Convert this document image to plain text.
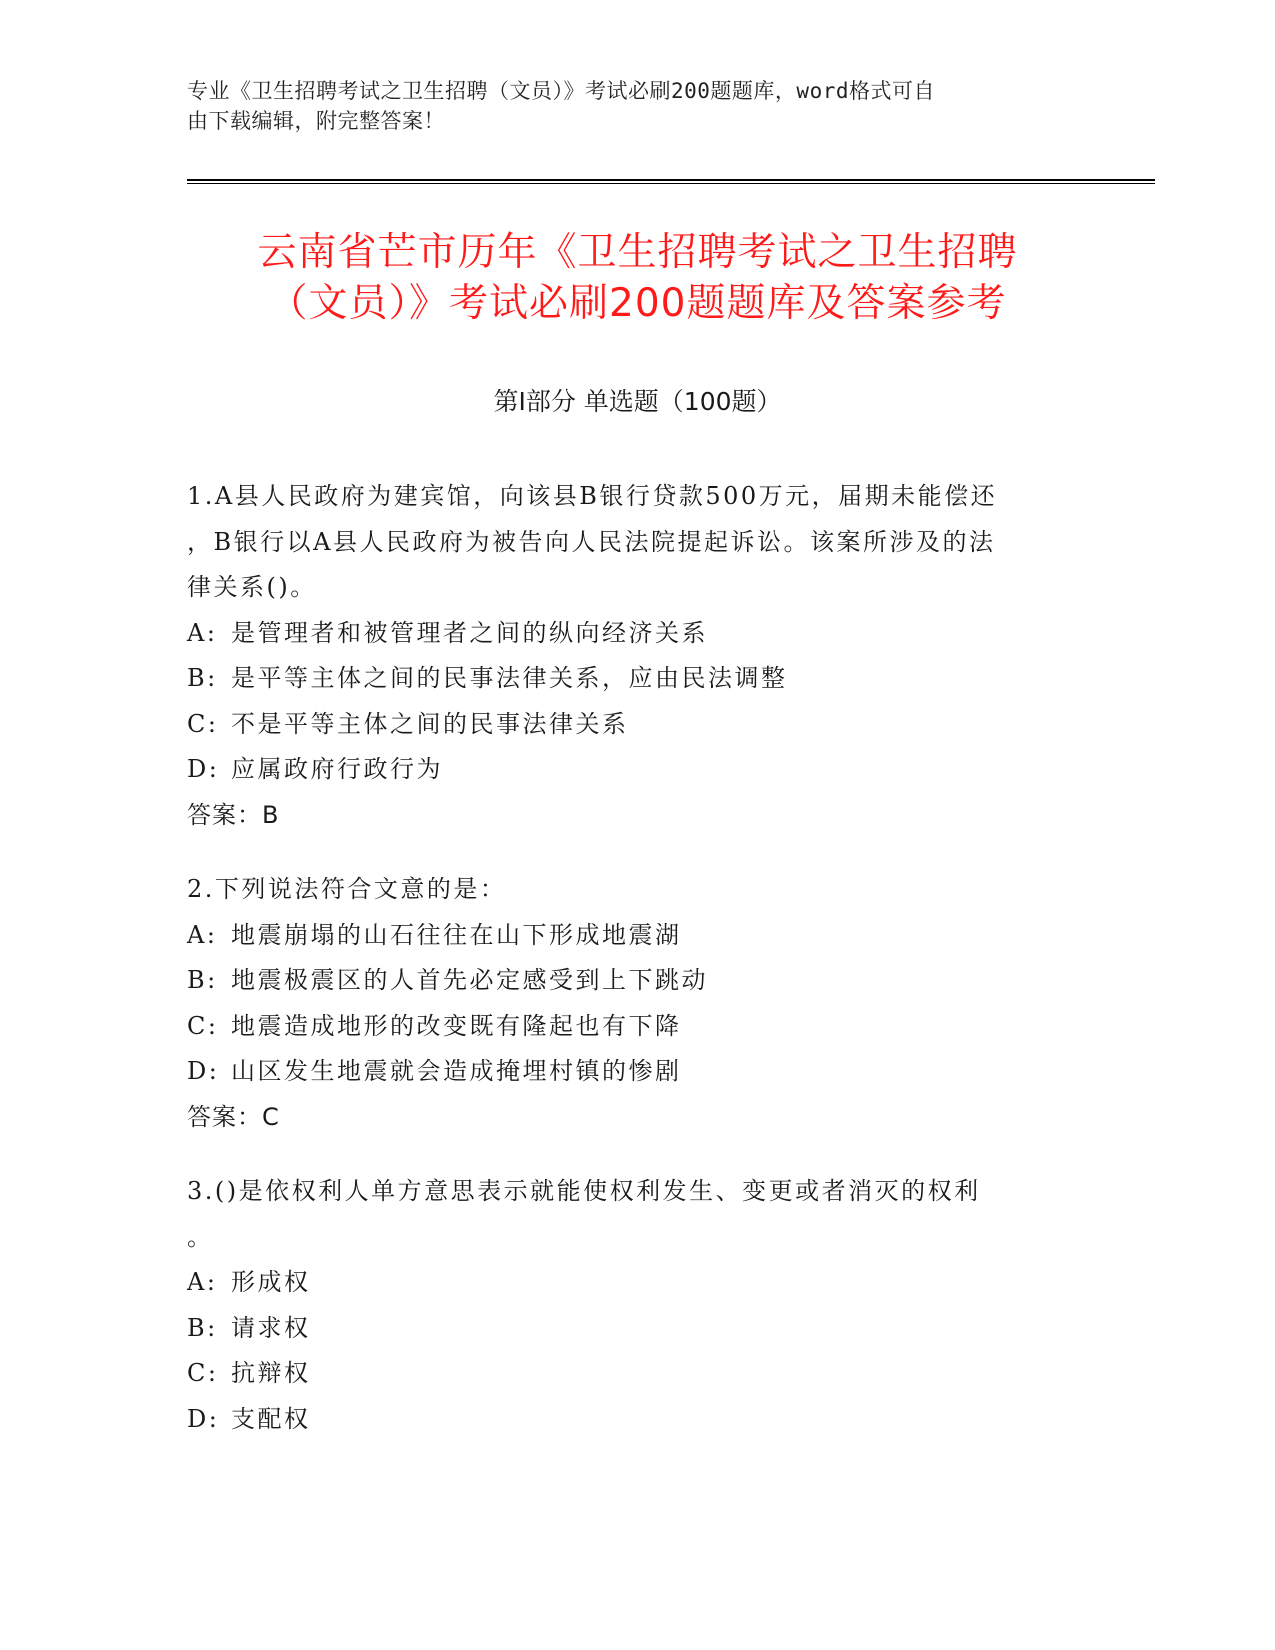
专业《卫生招聘考试之卫生招聘（文员）》考试必刷200题题库，word格式可自
由下载编辑，附完整答案！
云南省芒市历年《卫生招聘考试之卫生招聘
（文员）》考试必刷200题题库及答案参考
第Ⅰ部分 单选题（100题）

1.A县人民政府为建宾馆，向该县B银行贷款500万元，届期未能偿还

，B银行以A县人民政府为被告向人民法院提起诉讼。该案所涉及的法

律关系()。

A: 是管理者和被管理者之间的纵向经济关系

B: 是平等主体之间的民事法律关系，应由民法调整

C: 不是平等主体之间的民事法律关系

D: 应属政府行政行为

答案：B

2.下列说法符合文意的是：

A: 地震崩塌的山石往往在山下形成地震湖

B: 地震极震区的人首先必定感受到上下跳动

C: 地震造成地形的改变既有隆起也有下降

D: 山区发生地震就会造成掩埋村镇的惨剧

答案：C

3.()是依权利人单方意思表示就能使权利发生、变更或者消灭的权利

。

A: 形成权

B: 请求权

C: 抗辩权

D: 支配权
